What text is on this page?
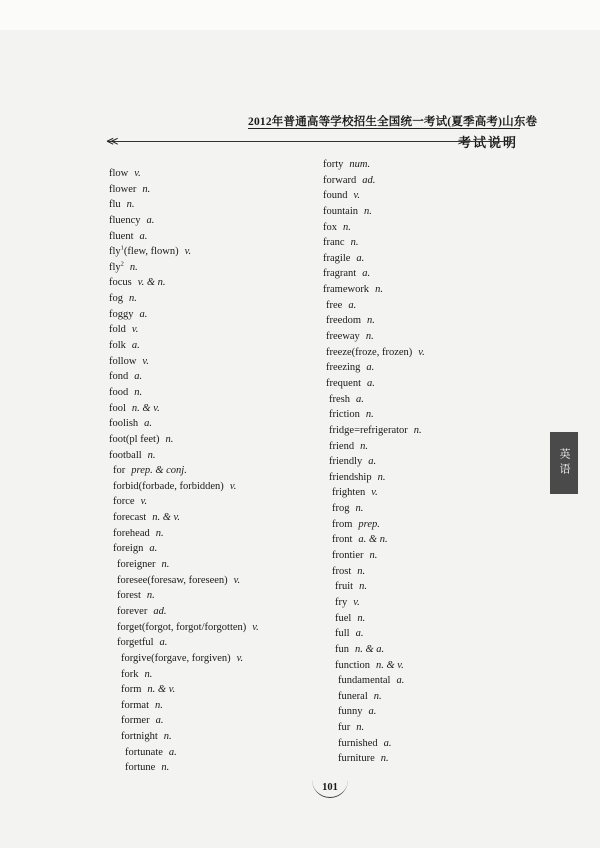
2012年普通高等学校招生全国统一考试(夏季高考)山东卷
考试说明
≪
英语
flow v.
flower n.
flu n.
fluency a.
fluent a.
fly$^1$(flew, flown) v.
fly$^2$ n.
focus v. & n.
fog n.
foggy a.
fold v.
folk a.
follow v.
fond a.
food n.
fool n. & v.
foolish a.
foot(pl feet) n.
football n.
for prep. & conj.
forbid(forbade, forbidden) v.
force v.
forecast n. & v.
forehead n.
foreign a.
foreigner n.
foresee(foresaw, foreseen) v.
forest n.
forever ad.
forget(forgot, forgot/forgotten) v.
forgetful a.
forgive(forgave, forgiven) v.
fork n.
form n. & v.
format n.
former a.
fortnight n.
fortunate a.
fortune n.
forty num.
forward ad.
found v.
fountain n.
fox n.
franc n.
fragile a.
fragrant a.
framework n.
free a.
freedom n.
freeway n.
freeze(froze, frozen) v.
freezing a.
frequent a.
fresh a.
friction n.
fridge=refrigerator n.
friend n.
friendly a.
friendship n.
frighten v.
frog n.
from prep.
front a. & n.
frontier n.
frost n.
fruit n.
fry v.
fuel n.
full a.
fun n. & a.
function n. & v.
fundamental a.
funeral n.
funny a.
fur n.
furnished a.
furniture n.
101
